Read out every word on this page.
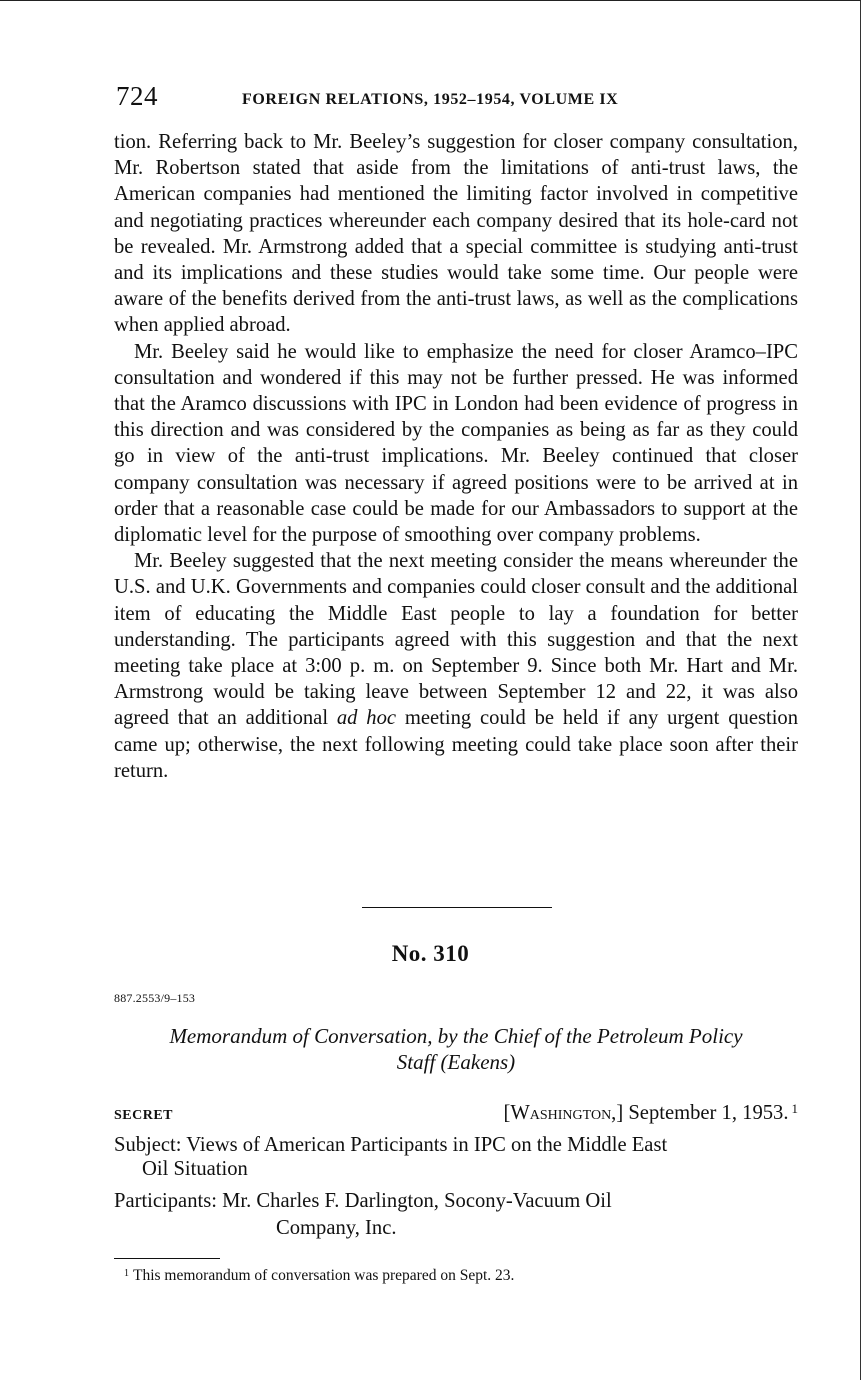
724	FOREIGN RELATIONS, 1952–1954, VOLUME IX

tion. Referring back to Mr. Beeley’s suggestion for closer company consultation, Mr. Robertson stated that aside from the limitations of anti-trust laws, the American companies had mentioned the limiting factor involved in competitive and negotiating practices whereunder each company desired that its hole-card not be revealed. Mr. Armstrong added that a special committee is studying anti-trust and its implications and these studies would take some time. Our people were aware of the benefits derived from the anti-trust laws, as well as the complications when applied abroad.

Mr. Beeley said he would like to emphasize the need for closer Aramco–IPC consultation and wondered if this may not be further pressed. He was informed that the Aramco discussions with IPC in London had been evidence of progress in this direction and was considered by the companies as being as far as they could go in view of the anti-trust implications. Mr. Beeley continued that closer company consultation was necessary if agreed positions were to be arrived at in order that a reasonable case could be made for our Ambassadors to support at the diplomatic level for the purpose of smoothing over company problems.

Mr. Beeley suggested that the next meeting consider the means whereunder the U.S. and U.K. Governments and companies could closer consult and the additional item of educating the Middle East people to lay a foundation for better understanding. The participants agreed with this suggestion and that the next meeting take place at 3:00 p. m. on September 9. Since both Mr. Hart and Mr. Armstrong would be taking leave between September 12 and 22, it was also agreed that an additional ad hoc meeting could be held if any urgent question came up; otherwise, the next following meeting could take place soon after their return.

No. 310
887.2553/9–153
Memorandum of Conversation, by the Chief of the Petroleum Policy
Staff (Eakens)
SECRET	[Washington,] September 1, 1953. $^1$
Subject: Views of American Participants in IPC on the Middle East
Oil Situation
Participants: Mr. Charles F. Darlington, Socony-Vacuum Oil
Company, Inc.
$^1$ This memorandum of conversation was prepared on Sept. 23.
